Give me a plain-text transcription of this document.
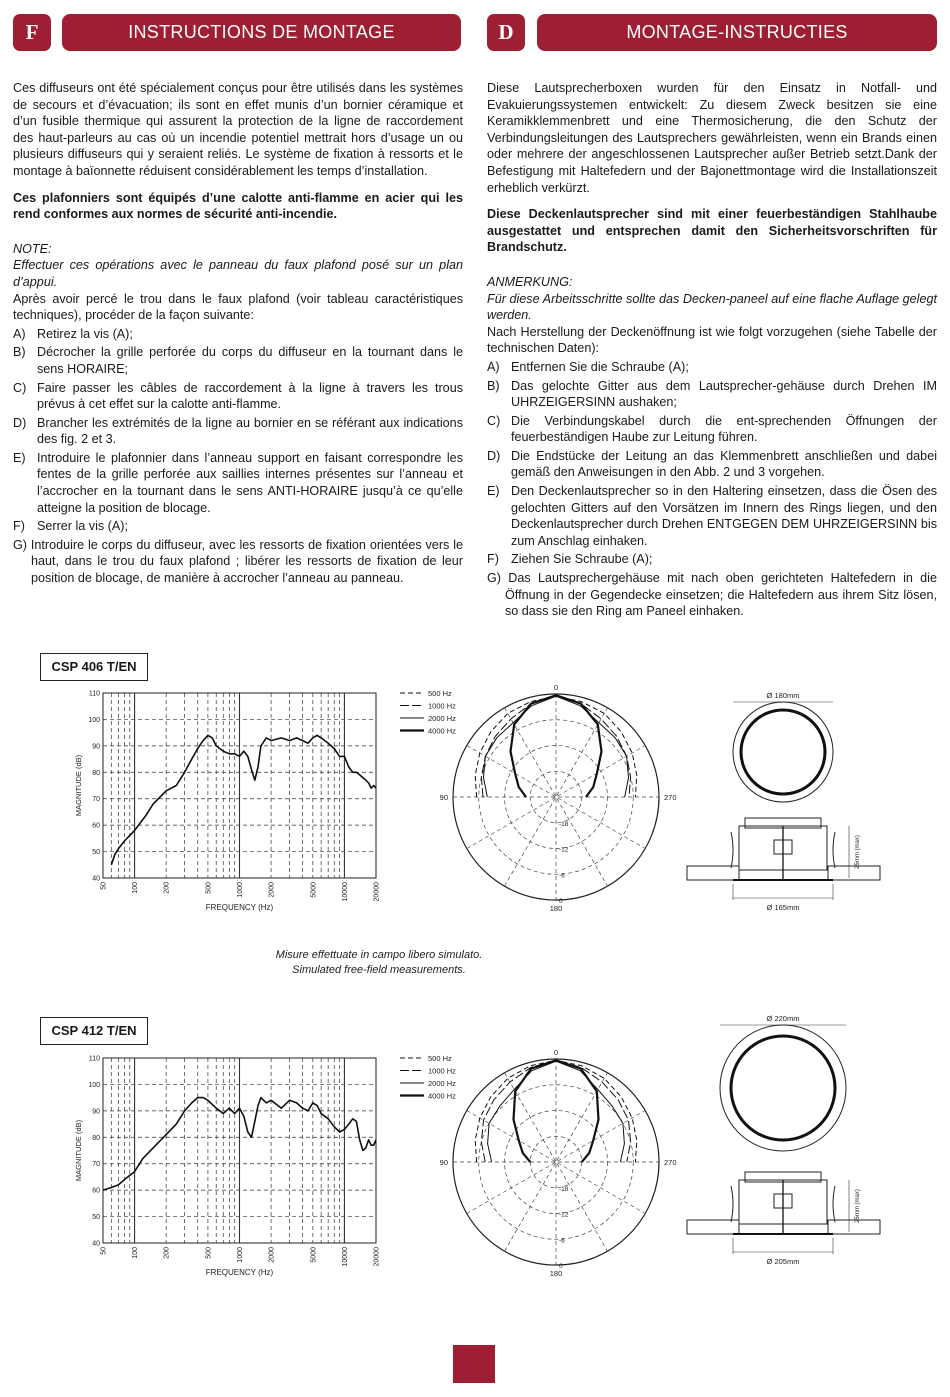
F	INSTRUCTIONS DE MONTAGE	D	MONTAGE-INSTRUCTIES

Ces diffuseurs ont été spécialement conçus pour être utilisés dans les systèmes de secours et d’évacuation; ils sont en effet munis d’un bornier céramique et d’un fusible thermique qui assurent la protection de la ligne de raccordement des haut-parleurs au cas où un incendie potentiel mettrait hors d’usage un ou plusieurs diffuseurs qui y seraient reliés. Le système de fixation à ressorts et le montage à baïonnette réduisent considérablement les temps d’installation.

Ces plafonniers sont équipés d’une calotte anti-flamme en acier qui les rend conformes aux normes de sécurité anti-incendie.

NOTE:

Effectuer ces opérations avec le panneau du faux plafond posé sur un plan d’appui.

Après avoir percé le trou dans le faux plafond (voir tableau caractéristiques techniques), procéder de la façon suivante:

A) Retirez la vis (A);
B) Décrocher la grille perforée du corps du diffuseur en la tournant dans le sens HORAIRE;
C) Faire passer les câbles de raccordement à la ligne à travers les trous prévus à cet effet sur la calotte anti-flamme.
D) Brancher les extrémités de la ligne au bornier en se référant aux indications des fig. 2 et 3.
E) Introduire le plafonnier dans l’anneau support en faisant correspondre les fentes de la grille perforée aux saillies internes présentes sur l’anneau et l’accrocher en la tournant dans le sens ANTI-HORAIRE jusqu’à ce qu’elle atteigne la position de blocage.
F) Serrer la vis (A);
G) Introduire le corps du diffuseur, avec les ressorts de fixation orientées vers le haut, dans le trou du faux plafond ; libérer les ressorts de fixation de leur position de blocage, de manière à accrocher l’anneau au panneau.

Diese Lautsprecherboxen wurden für den Einsatz in Notfall- und Evakuierungssystemen entwickelt: Zu diesem Zweck besitzen sie eine Keramikklemmenbrett und eine Thermosicherung, die den Schutz der Verbindungsleitungen des Lautsprechers gewährleisten, wenn ein Brands einen oder mehrere der angeschlossenen Lautsprecher außer Betrieb setzt.Dank der Befestigung mit Haltefedern und der Bajonettmontage wird die Installationszeit erheblich verkürzt.

Diese Deckenlautsprecher sind mit einer feuerbeständigen Stahlhaube ausgestattet und entsprechen damit den Sicherheitsvorschriften für Brandschutz.

ANMERKUNG:

Für diese Arbeitsschritte sollte das Decken-paneel auf eine flache Auflage gelegt werden.

Nach Herstellung der Deckenöffnung ist wie folgt vorzugehen (siehe Tabelle der technischen Daten):

A) Entfernen Sie die Schraube (A);
B) Das gelochte Gitter aus dem Lautsprecher-gehäuse durch Drehen IM UHRZEIGERSINN aushaken;
C) Die Verbindungskabel durch die ent-sprechenden Öffnungen der feuerbeständigen Haube zur Leitung führen.
D) Die Endstücke der Leitung an das Klemmenbrett anschließen und dabei gemäß den Anweisungen in den Abb. 2 und 3 vorgehen.
E) Den Deckenlautsprecher so in den Haltering einsetzen, dass die Ösen des gelochten Gitters auf den Vorsätzen im Innern des Rings liegen, und den Deckenlautsprecher durch Drehen ENTGEGEN DEM UHRZEIGERSINN bis zum Anschlag einhaken.
F) Ziehen Sie Schraube (A);
G) Das Lautsprechergehäuse mit nach oben gerichteten Haltefedern in die Öffnung in der Gegendecke einsetzen; die Haltefedern aus ihrem Sitz lösen, so dass sie den Ring am Paneel einhaken.
CSP 406 T/EN
CSP 412 T/EN
40
50
60
70
80
90
100
110
50	100	200	500	1000	2000	5000	10000	20000
FREQUENCY (Hz)
MAGNITUDE (dB)
500 Hz
1000 Hz
2000 Hz
4000 Hz
0
90
180
270
-18
-12
-6
0
Ø 180mm
Ø 165mm
25mm (max)
40
50
60
70
80
90
100
110
50	100	200	500	1000	2000	5000	10000	20000
FREQUENCY (Hz)
MAGNITUDE (dB)
500 Hz
1000 Hz
2000 Hz
4000 Hz
0
90
180
270
-18
-12
-6
0
Ø 220mm
Ø 205mm
25mm (max)
Misure effettuate in campo libero simulato.
Simulated free-field measurements.
